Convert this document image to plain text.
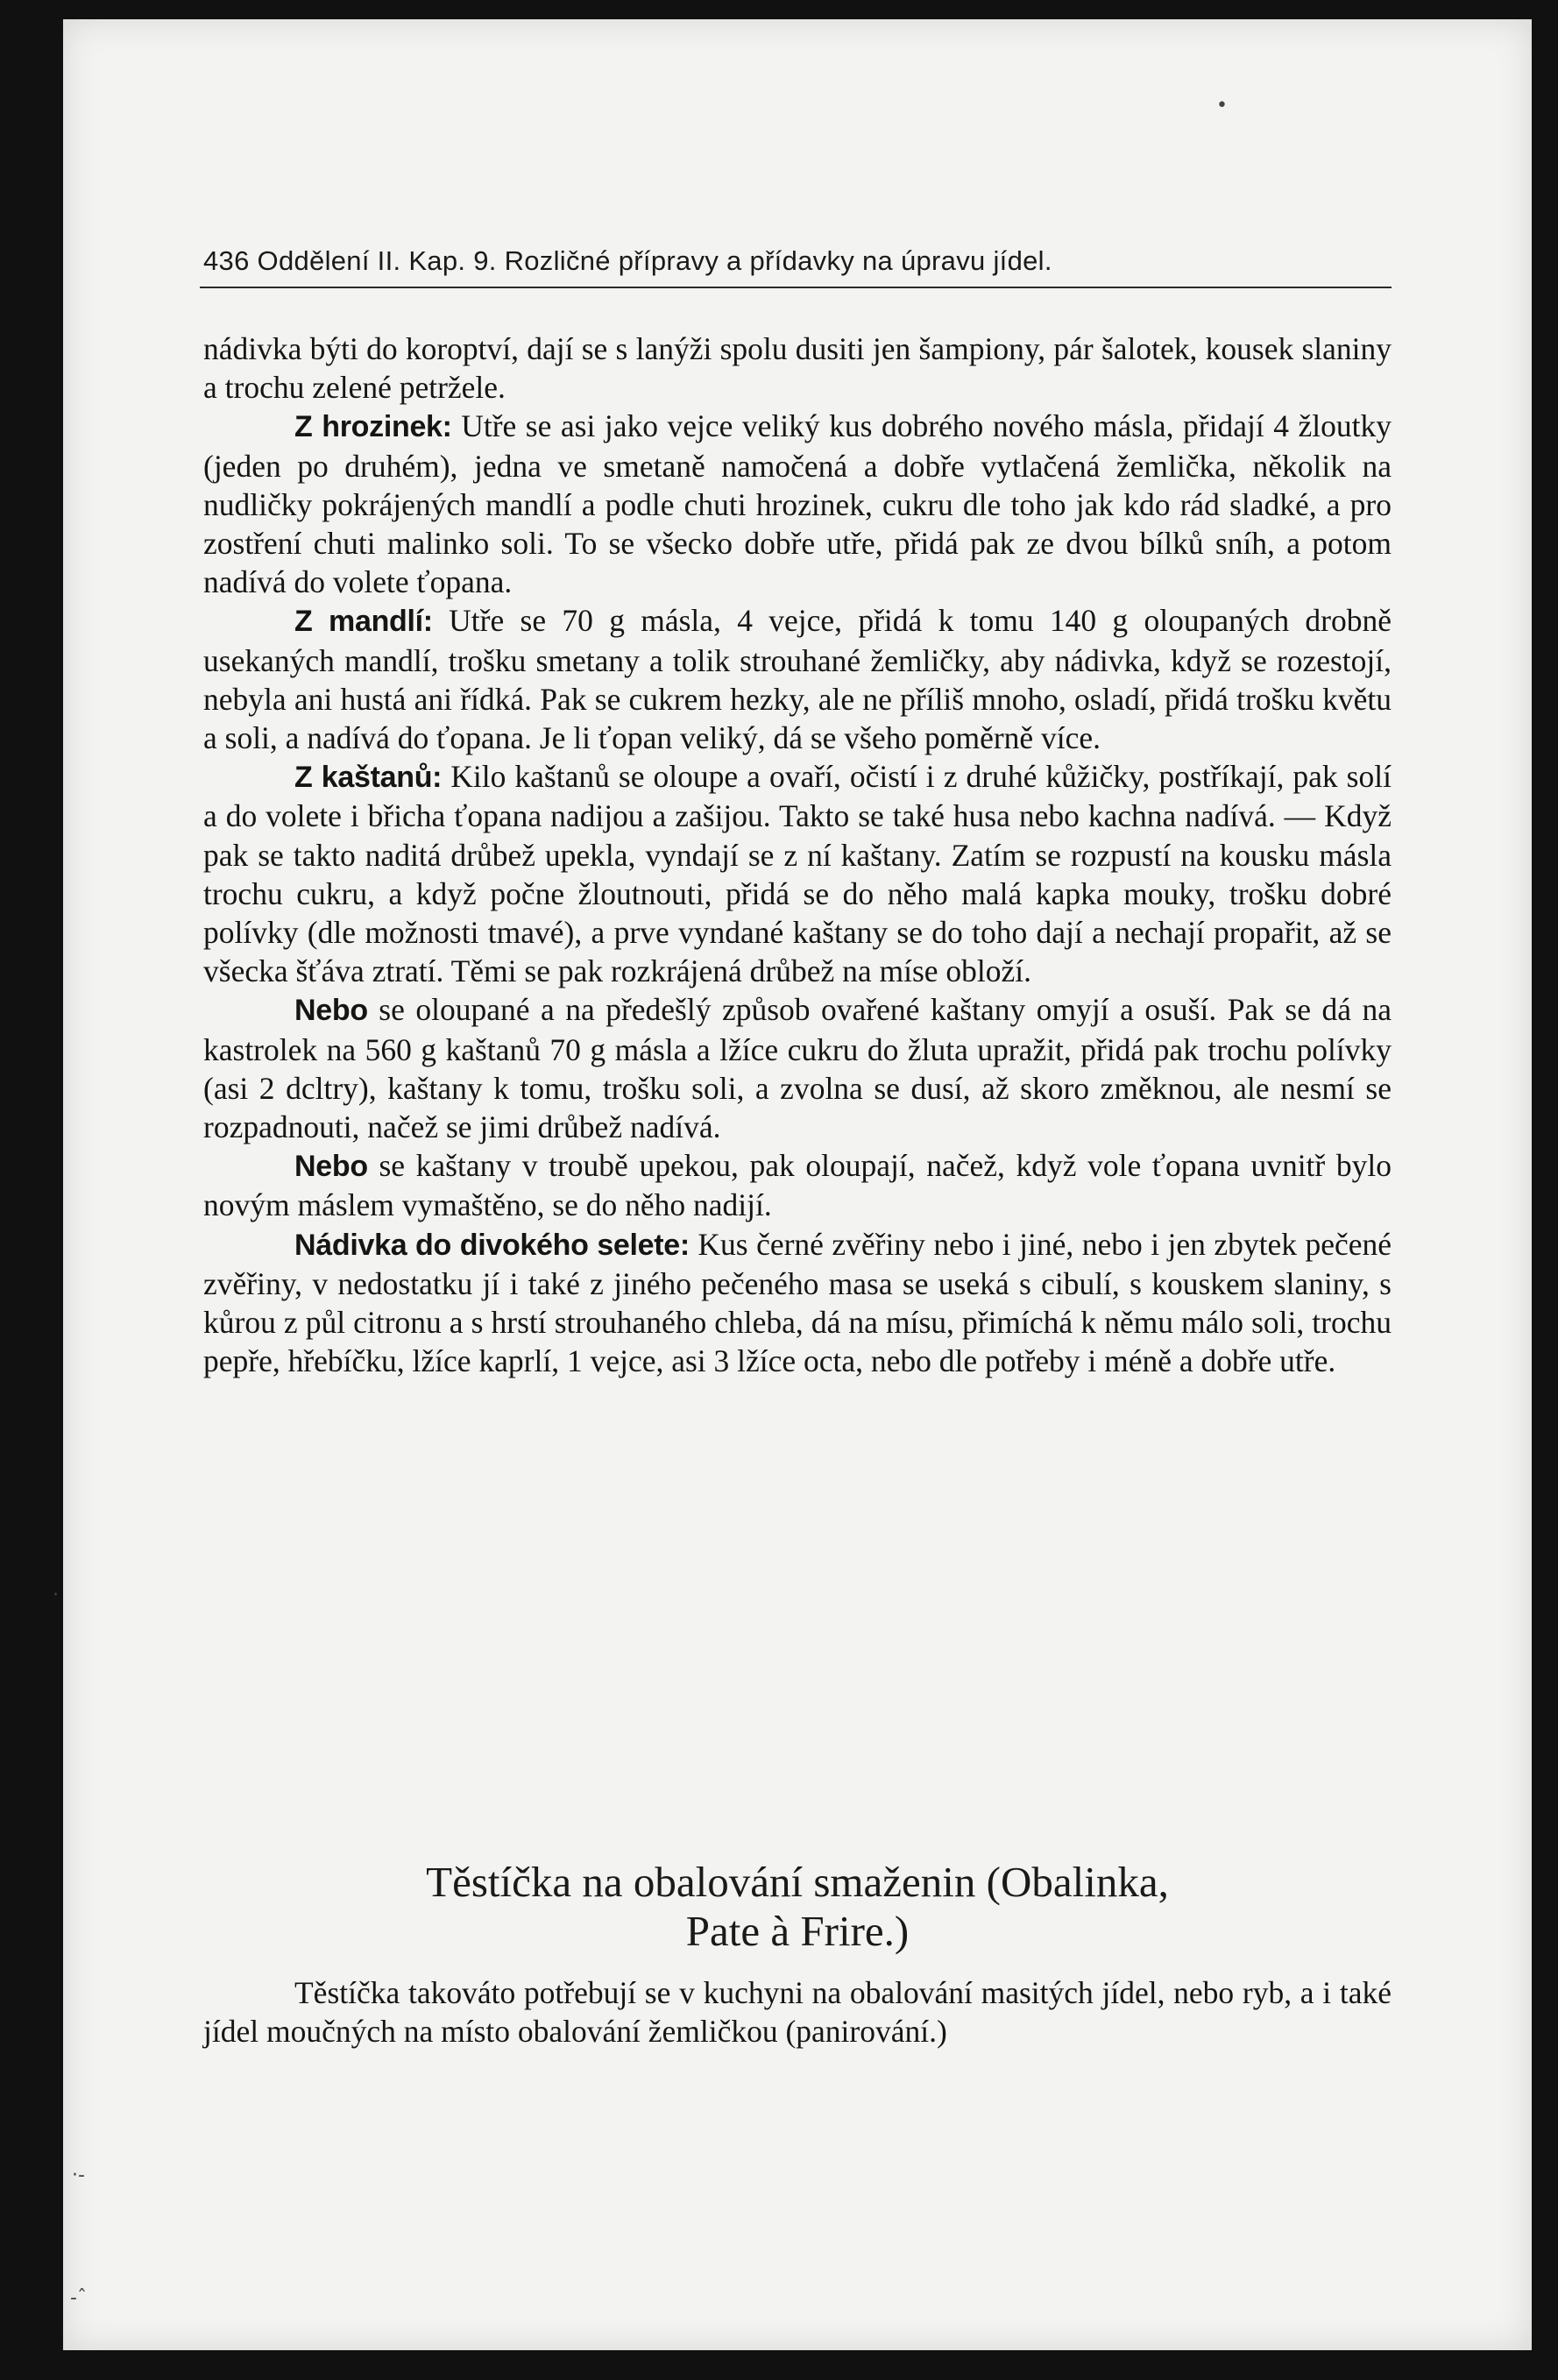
436 Oddělení II. Kap. 9. Rozličné přípravy a přídavky na úpravu jídel.

nádivka býti do koroptví, dají se s lanýži spolu dusiti jen šampiony, pár šalotek, kousek slaniny a trochu zelené petržele.

Z hrozinek: Utře se asi jako vejce veliký kus dobrého nového másla, přidají 4 žloutky (jeden po druhém), jedna ve smetaně namočená a dobře vytlačená žemlička, několik na nudličky pokrájených mandlí a podle chuti hrozinek, cukru dle toho jak kdo rád sladké, a pro zostření chuti malinko soli. To se všecko dobře utře, přidá pak ze dvou bílků sníh, a potom nadívá do volete ťopana.

Z mandlí: Utře se 70 g másla, 4 vejce, přidá k tomu 140 g oloupaných drobně usekaných mandlí, trošku smetany a tolik strouhané žemličky, aby nádivka, když se rozestojí, nebyla ani hustá ani řídká. Pak se cukrem hezky, ale ne příliš mnoho, osladí, přidá trošku květu a soli, a nadívá do ťopana. Je li ťopan veliký, dá se všeho poměrně více.

Z kaštanů: Kilo kaštanů se oloupe a ovaří, očistí i z druhé kůžičky, postříkají, pak solí a do volete i břicha ťopana nadijou a zašijou. Takto se také husa nebo kachna nadívá. — Když pak se takto naditá drůbež upekla, vyndají se z ní kaštany. Zatím se rozpustí na kousku másla trochu cukru, a když počne žloutnouti, přidá se do něho malá kapka mouky, trošku dobré polívky (dle možnosti tmavé), a prve vyndané kaštany se do toho dají a nechají propařit, až se všecka šťáva ztratí. Těmi se pak rozkrájená drůbež na míse obloží.

Nebo se oloupané a na předešlý způsob ovařené kaštany omyjí a osuší. Pak se dá na kastrolek na 560 g kaštanů 70 g másla a lžíce cukru do žluta upražit, přidá pak trochu polívky (asi 2 dcltry), kaštany k tomu, trošku soli, a zvolna se dusí, až skoro změknou, ale nesmí se rozpadnouti, načež se jimi drůbež nadívá.

Nebo se kaštany v troubě upekou, pak oloupají, načež, když vole ťopana uvnitř bylo novým máslem vymaštěno, se do něho nadijí.

Nádivka do divokého selete: Kus černé zvěřiny nebo i jiné, nebo i jen zbytek pečené zvěřiny, v nedostatku jí i také z jiného pečeného masa se useká s cibulí, s kouskem slaniny, s kůrou z půl citronu a s hrstí strouhaného chleba, dá na mísu, přimíchá k němu málo soli, trochu pepře, hřebíčku, lžíce kaprlí, 1 vejce, asi 3 lžíce octa, nebo dle potřeby i méně a dobře utře.

Těstíčka na obalování smaženin (Obalinka,
Pate à Frire.)

Těstíčka takováto potřebují se v kuchyni na obalování masitých jídel, nebo ryb, a i také jídel moučných na místo obalování žemličkou (panirování.)

•
·
·-
-ˆ
